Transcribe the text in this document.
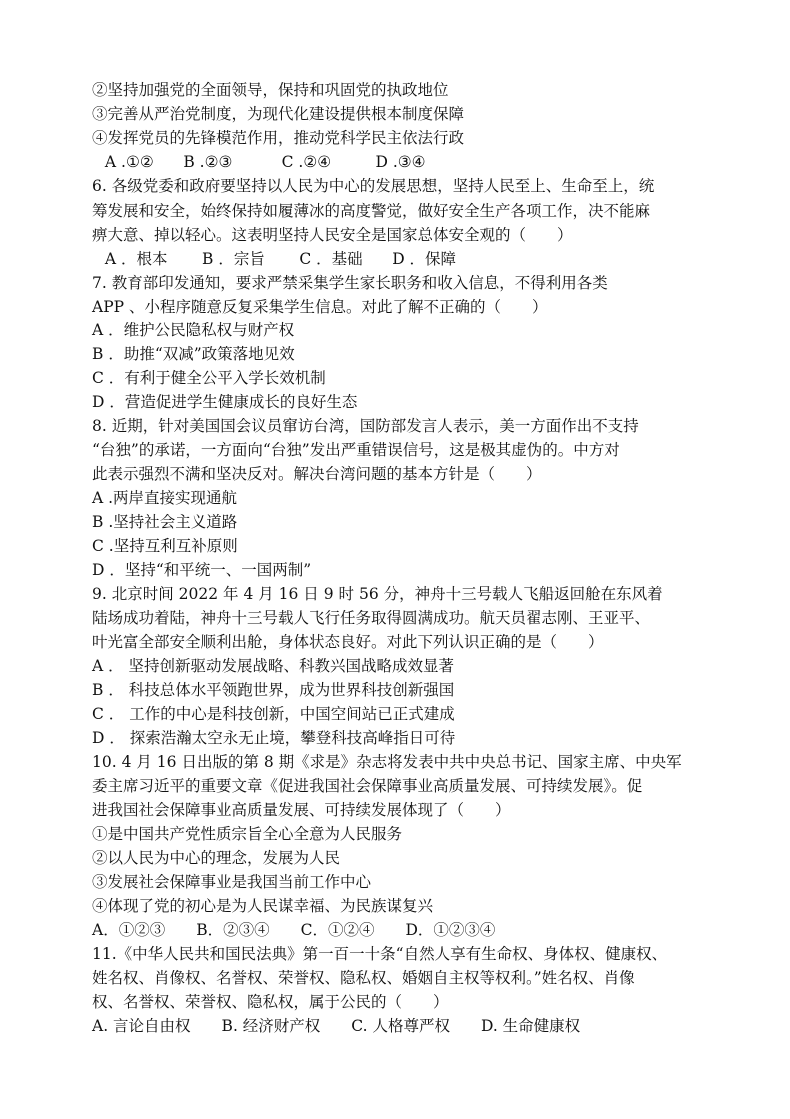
②坚持加强党的全面领导，保持和巩固党的执政地位
③完善从严治党制度，为现代化建设提供根本制度保障
④发挥党员的先锋模范作用，推动党科学民主依法行政
A .①②      B .②③          C .②④         D .③④
6. 各级党委和政府要坚持以人民为中心的发展思想，坚持人民至上、生命至上，统
筹发展和安全，始终保持如履薄冰的高度警觉，做好安全生产各项工作，决不能麻
痹大意、掉以轻心。这表明坚持人民安全是国家总体安全观的（　　）
A ．根本       B ．宗旨       C ．基础      D ．保障
7. 教育部印发通知，要求严禁采集学生家长职务和收入信息，不得利用各类
APP 、小程序随意反复采集学生信息。对此了解不正确的（　　）
A ．维护公民隐私权与财产权
B ．助推“双减”政策落地见效
C ．有利于健全公平入学长效机制
D ．营造促进学生健康成长的良好生态
8. 近期，针对美国国会议员窜访台湾，国防部发言人表示，美一方面作出不支持
“台独”的承诺，一方面向“台独”发出严重错误信号，这是极其虚伪的。中方对
此表示强烈不满和坚决反对。解决台湾问题的基本方针是（　　）
A .两岸直接实现通航
B .坚持社会主义道路
C .坚持互利互补原则
D ．坚持“和平统一、一国两制”
9. 北京时间 2022 年 4 月 16 日 9 时 56 分，神舟十三号载人飞船返回舱在东风着
陆场成功着陆，神舟十三号载人飞行任务取得圆满成功。航天员翟志刚、王亚平、
叶光富全部安全顺利出舱，身体状态良好。对此下列认识正确的是（　　）
A ． 坚持创新驱动发展战略、科教兴国战略成效显著
B ． 科技总体水平领跑世界，成为世界科技创新强国
C ． 工作的中心是科技创新，中国空间站已正式建成
D ． 探索浩瀚太空永无止境，攀登科技高峰指日可待
10. 4 月 16 日出版的第 8 期《求是》杂志将发表中共中央总书记、国家主席、中央军
委主席习近平的重要文章《促进我国社会保障事业高质量发展、可持续发展》。促
进我国社会保障事业高质量发展、可持续发展体现了（　　）
①是中国共产党性质宗旨全心全意为人民服务
②以人民为中心的理念，发展为人民
③发展社会保障事业是我国当前工作中心
④体现了党的初心是为人民谋幸福、为民族谋复兴
A．①②③　　B．②③④　　C．①②④　　D．①②③④
11.《中华人民共和国民法典》第一百一十条“自然人享有生命权、身体权、健康权、
姓名权、肖像权、名誉权、荣誉权、隐私权、婚姻自主权等权利。”姓名权、肖像
权、名誉权、荣誉权、隐私权，属于公民的（　　）
A. 言论自由权　　B. 经济财产权　　C. 人格尊严权　　D. 生命健康权
